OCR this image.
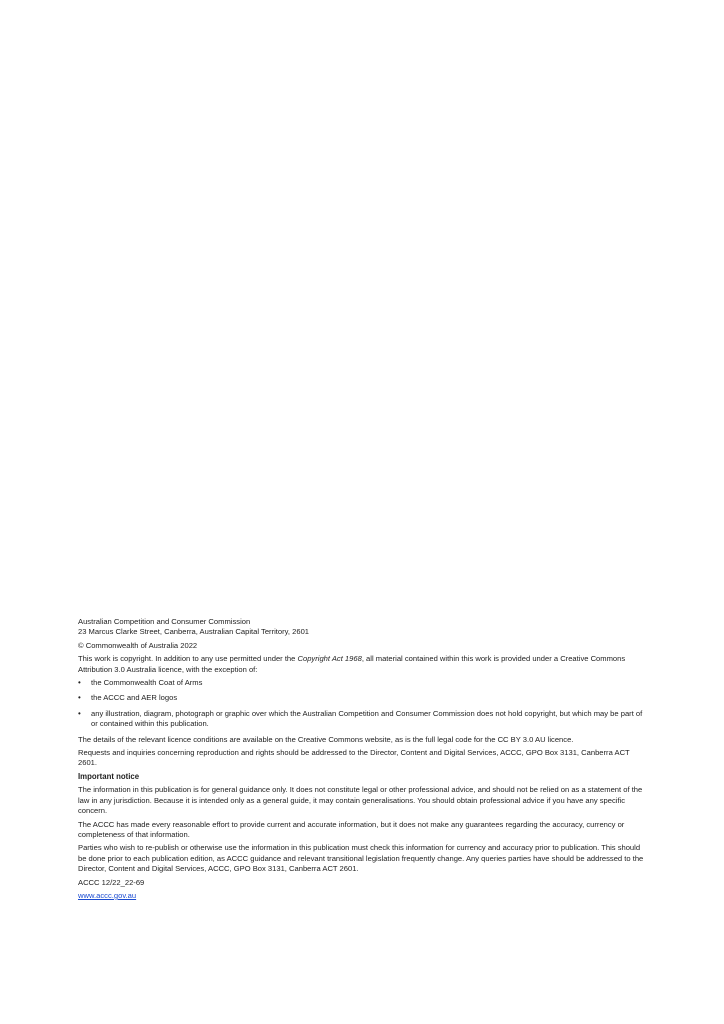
Australian Competition and Consumer Commission
23 Marcus Clarke Street, Canberra, Australian Capital Territory, 2601

© Commonwealth of Australia 2022

This work is copyright. In addition to any use permitted under the Copyright Act 1968, all material contained within this work is provided under a Creative Commons Attribution 3.0 Australia licence, with the exception of:

• the Commonwealth Coat of Arms
• the ACCC and AER logos
• any illustration, diagram, photograph or graphic over which the Australian Competition and Consumer Commission does not hold copyright, but which may be part of or contained within this publication.

The details of the relevant licence conditions are available on the Creative Commons website, as is the full legal code for the CC BY 3.0 AU licence.

Requests and inquiries concerning reproduction and rights should be addressed to the Director, Content and Digital Services, ACCC, GPO Box 3131, Canberra ACT 2601.

Important notice

The information in this publication is for general guidance only. It does not constitute legal or other professional advice, and should not be relied on as a statement of the law in any jurisdiction. Because it is intended only as a general guide, it may contain generalisations. You should obtain professional advice if you have any specific concern.

The ACCC has made every reasonable effort to provide current and accurate information, but it does not make any guarantees regarding the accuracy, currency or completeness of that information.

Parties who wish to re-publish or otherwise use the information in this publication must check this information for currency and accuracy prior to publication. This should be done prior to each publication edition, as ACCC guidance and relevant transitional legislation frequently change. Any queries parties have should be addressed to the Director, Content and Digital Services, ACCC, GPO Box 3131, Canberra ACT 2601.

ACCC 12/22_22-69

www.accc.gov.au
